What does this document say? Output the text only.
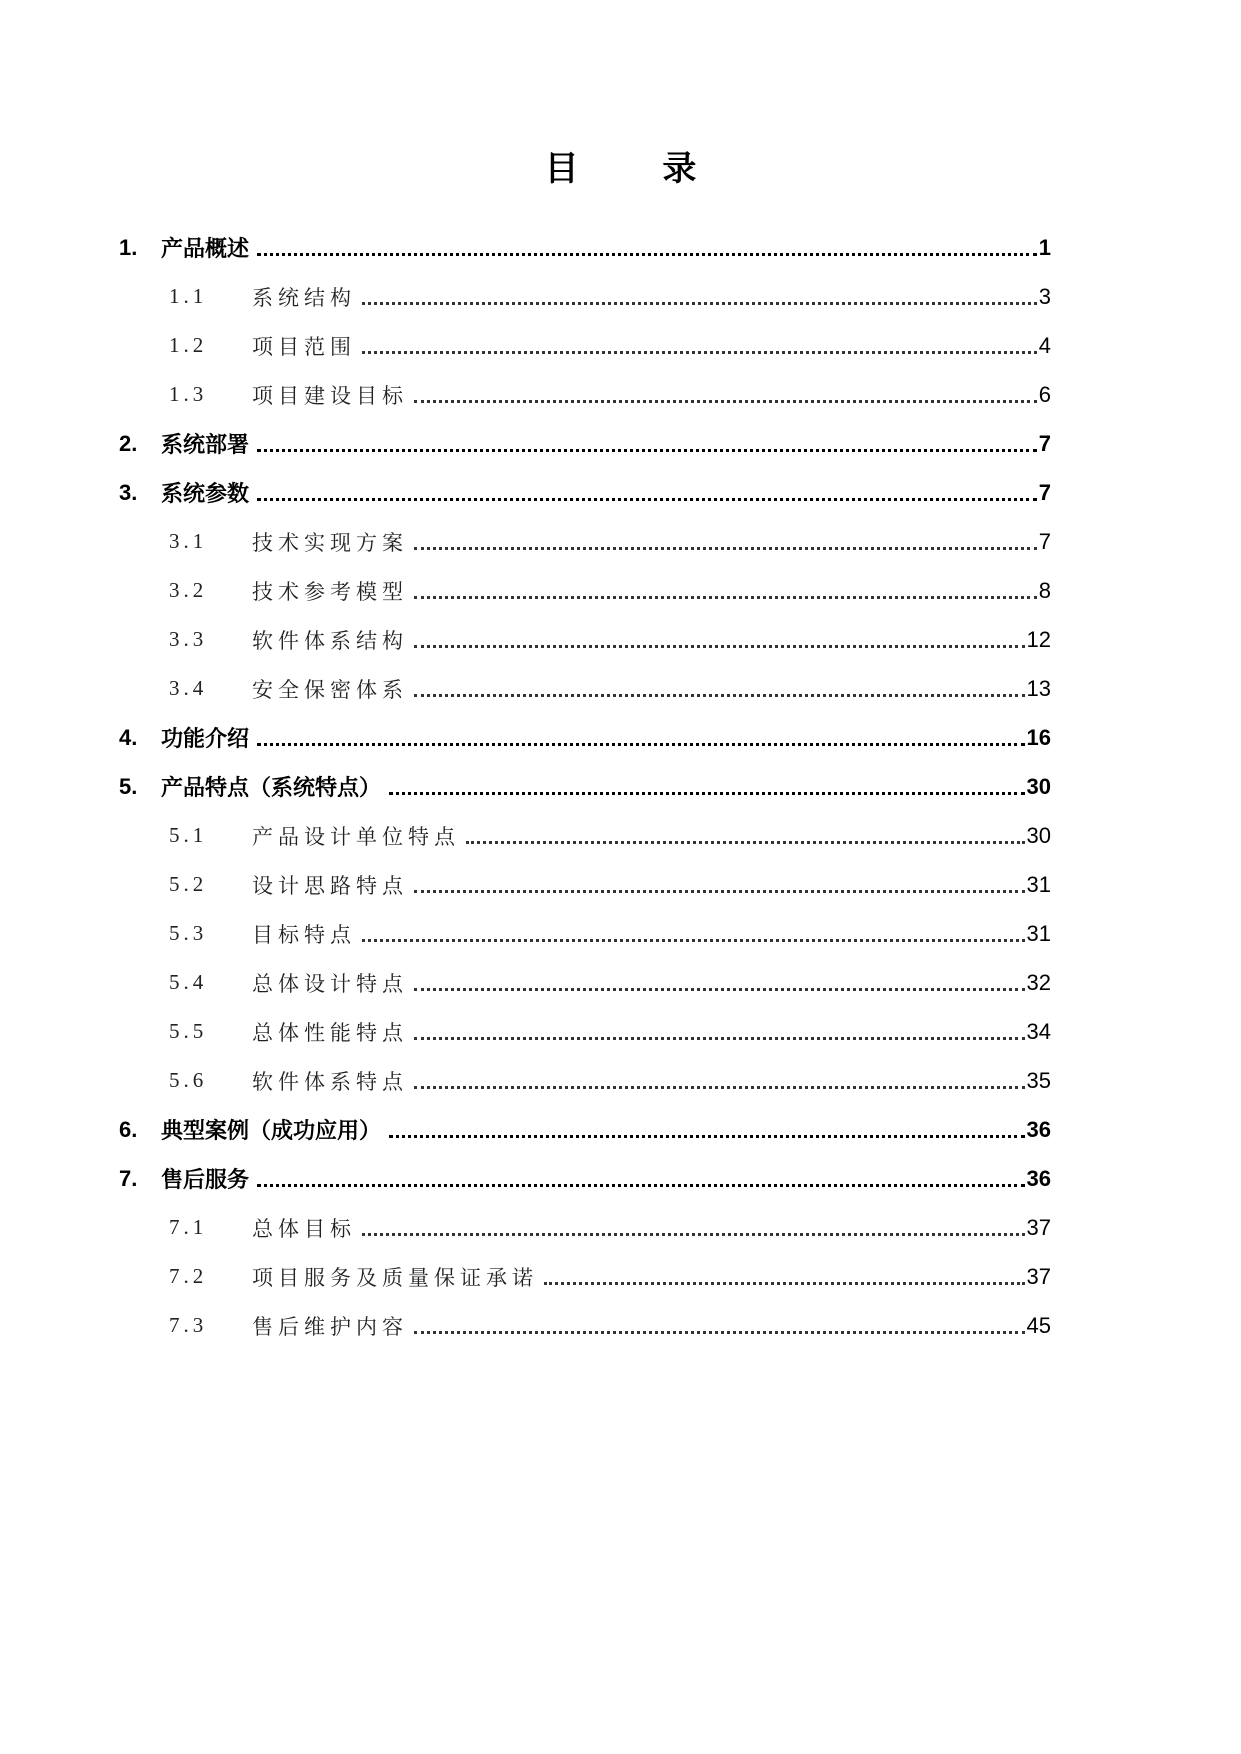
目 录
1.	产品概述	1
1.1	系统结构	3
1.2	项目范围	4
1.3	项目建设目标	6
2.	系统部署	7
3.	系统参数	7
3.1	技术实现方案	7
3.2	技术参考模型	8
3.3	软件体系结构	12
3.4	安全保密体系	13
4.	功能介绍	16
5.	产品特点（系统特点）	30
5.1	产品设计单位特点	30
5.2	设计思路特点	31
5.3	目标特点	31
5.4	总体设计特点	32
5.5	总体性能特点	34
5.6	软件体系特点	35
6.	典型案例（成功应用）	36
7.	售后服务	36
7.1	总体目标	37
7.2	项目服务及质量保证承诺	37
7.3	售后维护内容	45
